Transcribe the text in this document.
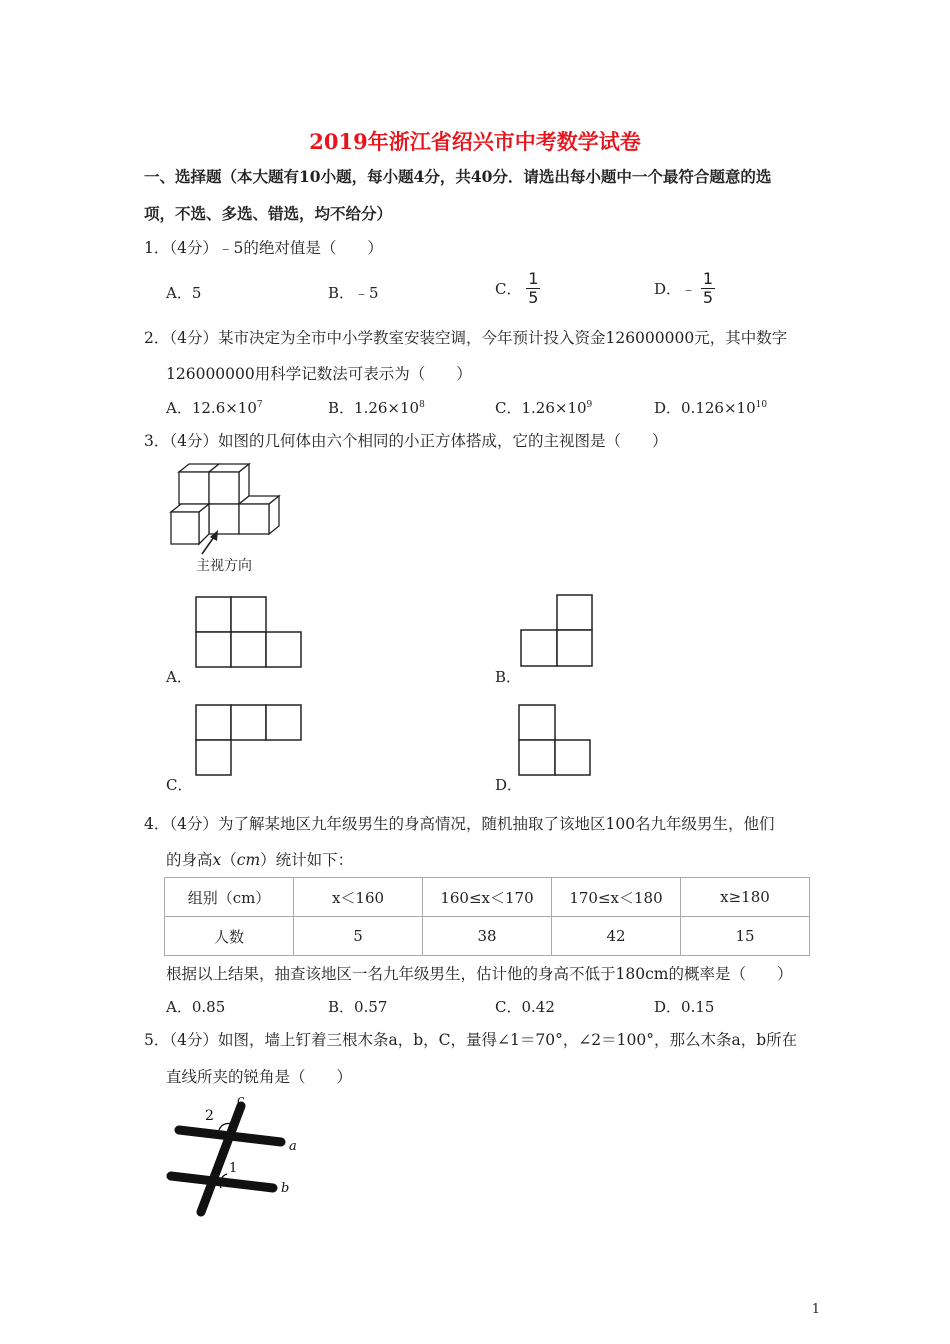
2019年浙江省绍兴市中考数学试卷
一、选择题（本大题有10小题，每小题4分，共40分．请选出每小题中一个最符合题意的选
项，不选、多选、错选，均不给分）
1．（4分）﹣5的绝对值是（　　）
A．5	B．﹣5	C． $\frac{1}{5}$	D．﹣ $\frac{1}{5}$
2．（4分）某市决定为全市中小学教室安装空调，今年预计投入资金126000000元，其中数字
126000000用科学记数法可表示为（　　）
A．$12.6\times 10^7$	B．$1.26\times 10^8$	C．$1.26\times 10^9$	D．$0.126\times 10^{10}$
3．（4分）如图的几何体由六个相同的小正方体搭成，它的主视图是（　　）
主视方向
A．	B．
C．	D．
4．（4分）为了解某地区九年级男生的身高情况，随机抽取了该地区100名九年级男生，他们
的身高x（cm）统计如下：
组别（cm）	x＜160	160≤x＜170	170≤x＜180	x≥180
人数	5	38	42	15
根据以上结果，抽查该地区一名九年级男生，估计他的身高不低于180cm的概率是（　　）
A．0.85	B．0.57	C．0.42	D．0.15
5．（4分）如图，墙上钉着三根木条a，b，C，量得∠1＝70°，∠2＝100°，那么木条a，b所在
直线所夹的锐角是（　　）
2
1
c
a
b
1
